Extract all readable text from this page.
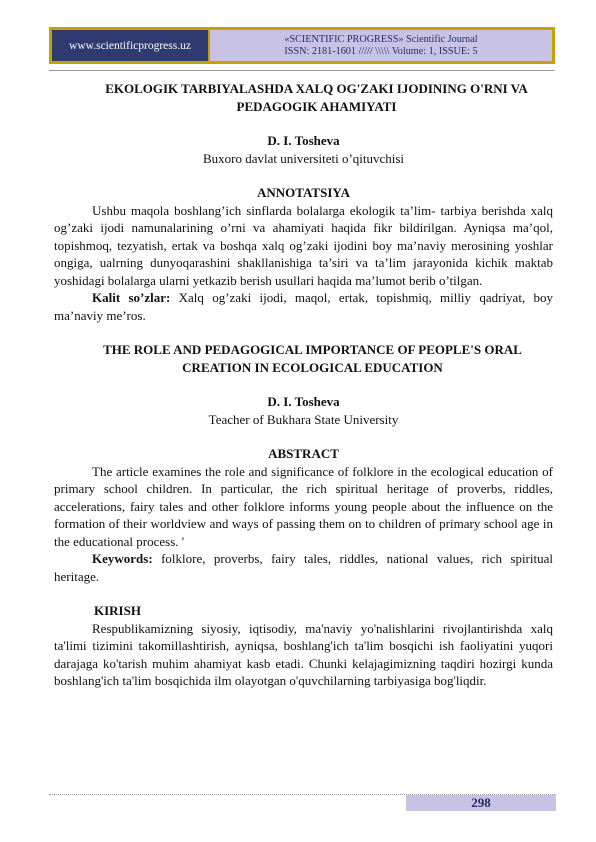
www.scientificprogress.uz
«SCIENTIFIC PROGRESS» Scientific Journal
ISSN: 2181-1601 ///// \\\\\ Volume: 1, ISSUE: 5
EKOLOGIK TARBIYALASHDA XALQ OG'ZAKI IJODINING O'RNI VA
PEDAGOGIK AHAMIYATI

D. I. Tosheva

Buxoro davlat universiteti o’qituvchisi

ANNOTATSIYA

Ushbu maqola boshlang’ich sinflarda bolalarga ekologik ta’lim- tarbiya berishda xalq og’zaki ijodi namunalarining o’rni va ahamiyati haqida fikr bildirilgan. Ayniqsa ma’qol, topishmoq, tezyatish, ertak va boshqa xalq og’zaki ijodini boy ma’naviy merosining yoshlar ongiga, ualrning dunyoqarashini shakllanishiga ta’siri va ta’lim jarayonida kichik maktab yoshidagi bolalarga ularni yetkazib berish usullari haqida ma’lumot berib o’tilgan.

Kalit so’zlar: Xalq og’zaki ijodi, maqol, ertak, topishmiq, milliy qadriyat, boy ma’naviy me’ros.

THE ROLE AND PEDAGOGICAL IMPORTANCE OF PEOPLE'S ORAL
CREATION IN ECOLOGICAL EDUCATION

D. I. Tosheva

Teacher of Bukhara State University

ABSTRACT

The article examines the role and significance of folklore in the ecological education of primary school children. In particular, the rich spiritual heritage of proverbs, riddles, accelerations, fairy tales and other folklore informs young people about the influence on the formation of their worldview and ways of passing them on to children of primary school age in the educational process. '

Keywords: folklore, proverbs, fairy tales, riddles, national values, rich spiritual heritage.

KIRISH

Respublikamizning siyosiy, iqtisodiy, ma'naviy yo'nalishlarini rivojlantirishda xalq ta'limi tizimini takomillashtirish, ayniqsa, boshlang'ich ta'lim bosqichi ish faoliyatini yuqori darajaga ko'tarish muhim ahamiyat kasb etadi. Chunki kelajagimizning taqdiri hozirgi kunda boshlang'ich ta'lim bosqichida ilm olayotgan o'quvchilarning tarbiyasiga bog'liqdir.

298
